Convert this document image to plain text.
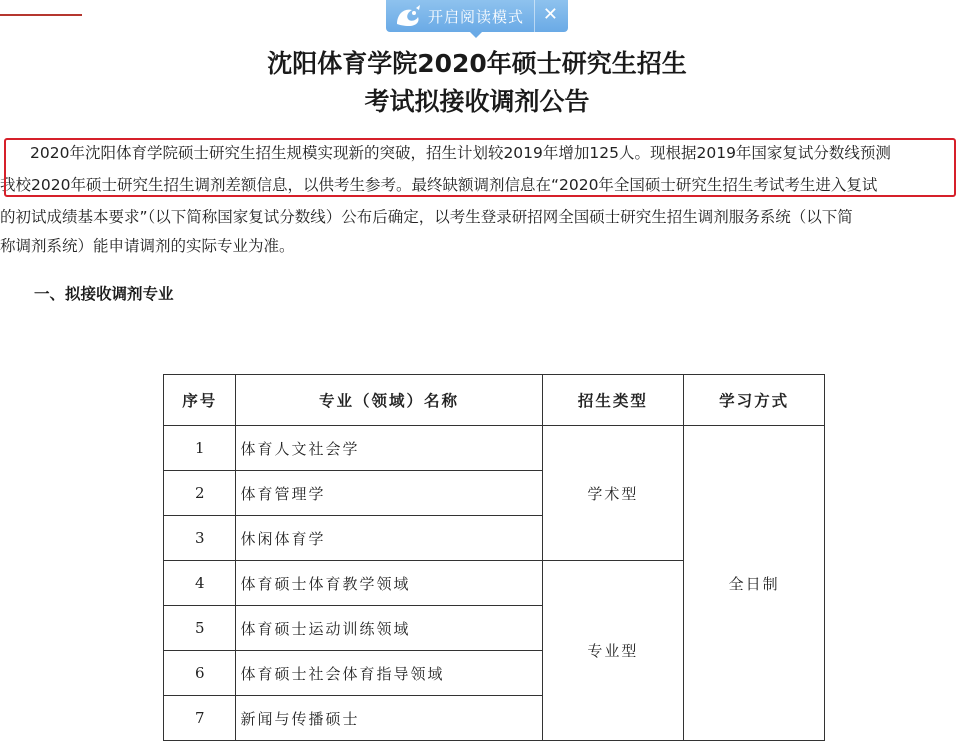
开启阅读模式 ✕
沈阳体育学院2020年硕士研究生招生
考试拟接收调剂公告
2020年沈阳体育学院硕士研究生招生规模实现新的突破，招生计划较2019年增加125人。现根据2019年国家复试分数线预测
我校2020年硕士研究生招生调剂差额信息，以供考生参考。最终缺额调剂信息在“2020年全国硕士研究生招生考试考生进入复试
的初试成绩基本要求”（以下简称国家复试分数线）公布后确定，以考生登录研招网全国硕士研究生招生调剂服务系统（以下简
称调剂系统）能申请调剂的实际专业为准。
一、拟接收调剂专业
序号	专业（领域）名称	招生类型	学习方式
1	体育人文社会学	学术型	全日制
2	体育管理学		
3	休闲体育学		
4	体育硕士体育教学领域	专业型	
5	体育硕士运动训练领域		
6	体育硕士社会体育指导领域		
7	新闻与传播硕士		
